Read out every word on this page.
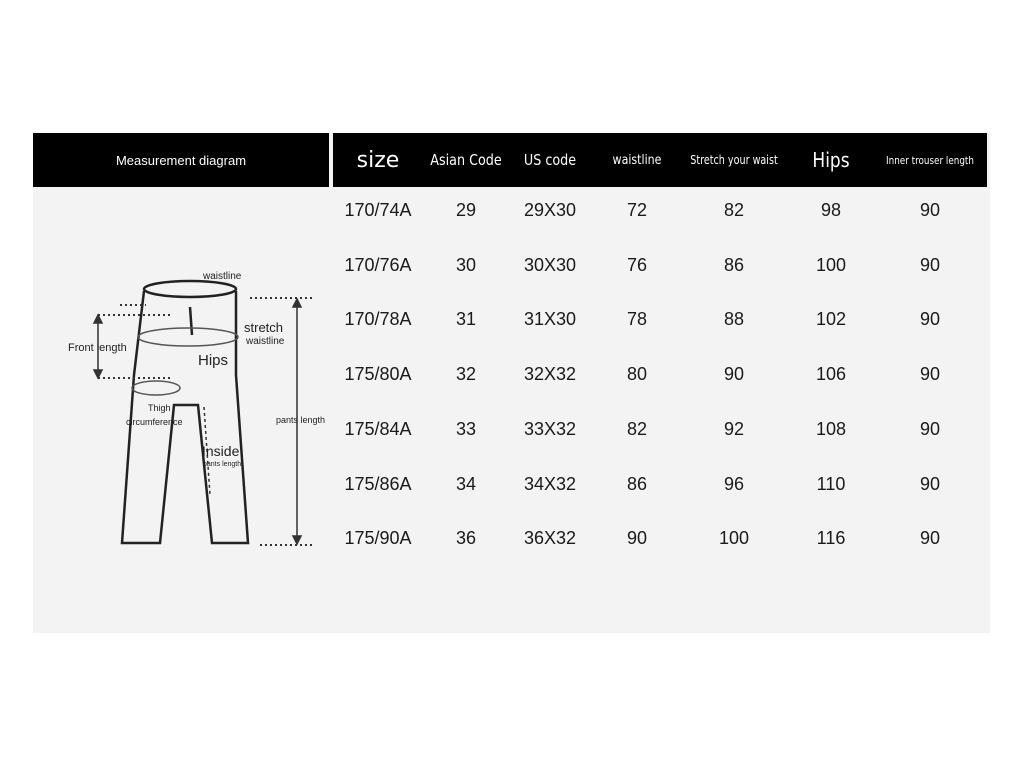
Measurement diagram	size	Asian Code	US code	waistline	Stretch your waist	Hips	Inner trouser length
waistline
stretch
waistline
Front length
Hips
Thigh
circumference	pants length
Inside
pants length
170/74A	29	29X30	72	82	98	90
170/76A	30	30X30	76	86	100	90
170/78A	31	31X30	78	88	102	90
175/80A	32	32X32	80	90	106	90
175/84A	33	33X32	82	92	108	90
175/86A	34	34X32	86	96	110	90
175/90A	36	36X32	90	100	116	90
